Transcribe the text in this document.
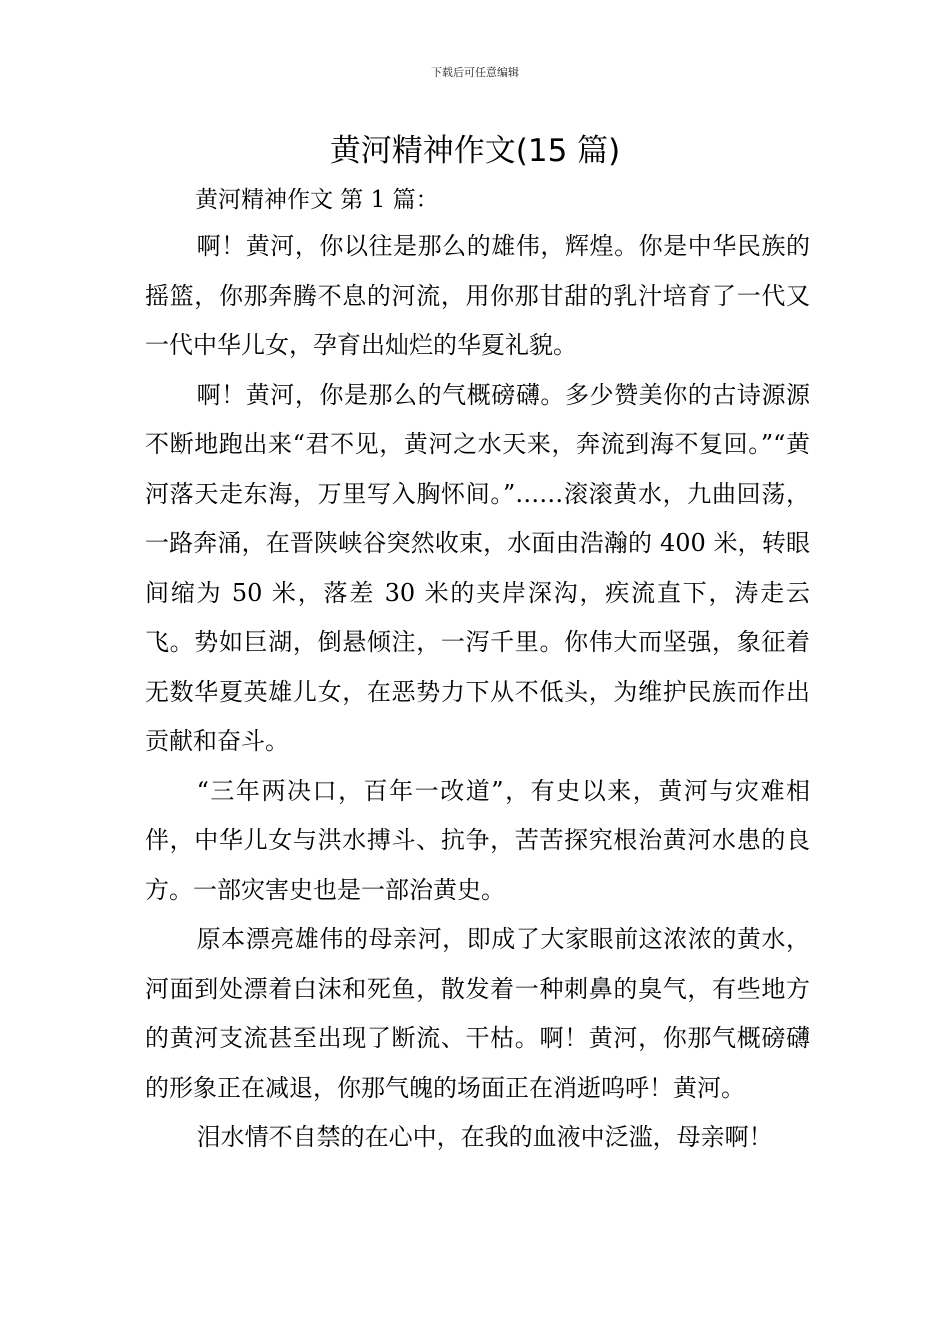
下载后可任意编辑
黄河精神作文(15 篇)

黄河精神作文 第 1 篇：

啊！黄河，你以往是那么的雄伟，辉煌。你是中华民族的摇篮，你那奔腾不息的河流，用你那甘甜的乳汁培育了一代又一代中华儿女，孕育出灿烂的华夏礼貌。

啊！黄河，你是那么的气概磅礴。多少赞美你的古诗源源不断地跑出来“君不见，黄河之水天来，奔流到海不复回。”“黄河落天走东海，万里写入胸怀间。”……滚滚黄水，九曲回荡，一路奔涌，在晋陕峡谷突然收束，水面由浩瀚的 400 米，转眼间缩为 50 米，落差 30 米的夹岸深沟，疾流直下，涛走云飞。势如巨湖，倒悬倾注，一泻千里。你伟大而坚强，象征着无数华夏英雄儿女，在恶势力下从不低头，为维护民族而作出贡献和奋斗。

“三年两决口，百年一改道”，有史以来，黄河与灾难相伴，中华儿女与洪水搏斗、抗争，苦苦探究根治黄河水患的良方。一部灾害史也是一部治黄史。

原本漂亮雄伟的母亲河，即成了大家眼前这浓浓的黄水，河面到处漂着白沫和死鱼，散发着一种刺鼻的臭气，有些地方的黄河支流甚至出现了断流、干枯。啊！黄河，你那气概磅礴的形象正在减退，你那气魄的场面正在消逝呜呼！黄河。

泪水情不自禁的在心中，在我的血液中泛滥，母亲啊！
